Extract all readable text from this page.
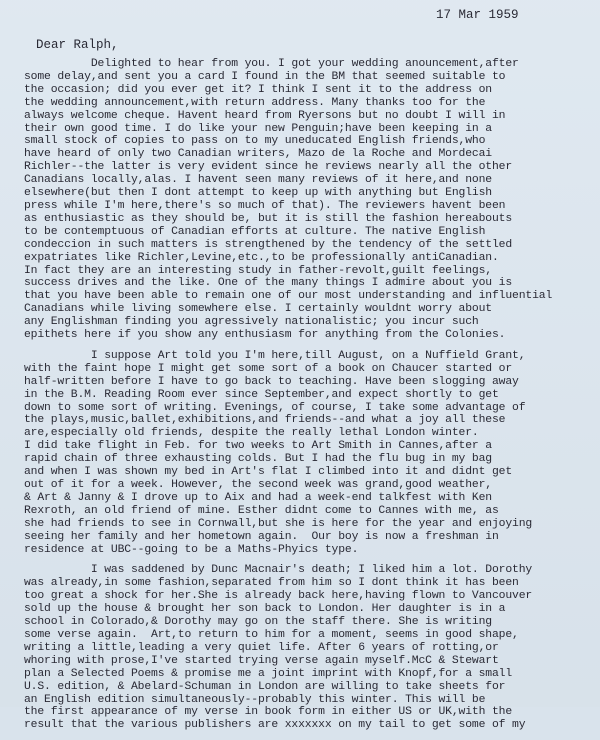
17 Mar 1959
Dear Ralph,
Delighted to hear from you. I got your wedding anouncement,after
some delay,and sent you a card I found in the BM that seemed suitable to
the occasion; did you ever get it? I think I sent it to the address on
the wedding announcement,with return address. Many thanks too for the
always welcome cheque. Havent heard from Ryersons but no doubt I will in
their own good time. I do like your new Penguin;have been keeping in a
small stock of copies to pass on to my uneducated English friends,who
have heard of only two Canadian writers, Mazo de la Roche and Mordecai
Richler--the latter is very evident since he reviews nearly all the other
Canadians locally,alas. I havent seen many reviews of it here,and none
elsewhere(but then I dont attempt to keep up with anything but English
press while I'm here,there's so much of that). The reviewers havent been
as enthusiastic as they should be, but it is still the fashion hereabouts
to be contemptuous of Canadian efforts at culture. The native English
condeccion in such matters is strengthened by the tendency of the settled
expatriates like Richler,Levine,etc.,to be professionally antiCanadian.
In fact they are an interesting study in father-revolt,guilt feelings,
success drives and the like. One of the many things I admire about you is
that you have been able to remain one of our most understanding and influential
Canadians while living somewhere else. I certainly wouldnt worry about
any Englishman finding you agressively nationalistic; you incur such
epithets here if you show any enthusiasm for anything from the Colonies.
I suppose Art told you I'm here,till August, on a Nuffield Grant,
with the faint hope I might get some sort of a book on Chaucer started or
half-written before I have to go back to teaching. Have been slogging away
in the B.M. Reading Room ever since September,and expect shortly to get
down to some sort of writing. Evenings, of course, I take some advantage of
the plays,music,ballet,exhibitions,and friends--and what a joy all these
are,especially old friends, despite the really lethal London winter.
I did take flight in Feb. for two weeks to Art Smith in Cannes,after a
rapid chain of three exhausting colds. But I had the flu bug in my bag
and when I was shown my bed in Art's flat I climbed into it and didnt get
out of it for a week. However, the second week was grand,good weather,
& Art & Janny & I drove up to Aix and had a week-end talkfest with Ken
Rexroth, an old friend of mine. Esther didnt come to Cannes with me, as
she had friends to see in Cornwall,but she is here for the year and enjoying
seeing her family and her hometown again.  Our boy is now a freshman in
residence at UBC--going to be a Maths-Phyics type.
I was saddened by Dunc Macnair's death; I liked him a lot. Dorothy
was already,in some fashion,separated from him so I dont think it has been
too great a shock for her.She is already back here,having flown to Vancouver
sold up the house & brought her son back to London. Her daughter is in a
school in Colorado,& Dorothy may go on the staff there. She is writing
some verse again.  Art,to return to him for a moment, seems in good shape,
writing a little,leading a very quiet life. After 6 years of rotting,or
whoring with prose,I've started trying verse again myself.McC & Stewart
plan a Selected Poems & promise me a joint imprint with Knopf,for a small
U.S. edition, & Abelard-Schuman in London are willing to take sheets for
an English edition simultaneously--probably this winter. This will be
the first appearance of my verse in book form in either US or UK,with the
result that the various publishers are xxxxxxx on my tail to get some of my
